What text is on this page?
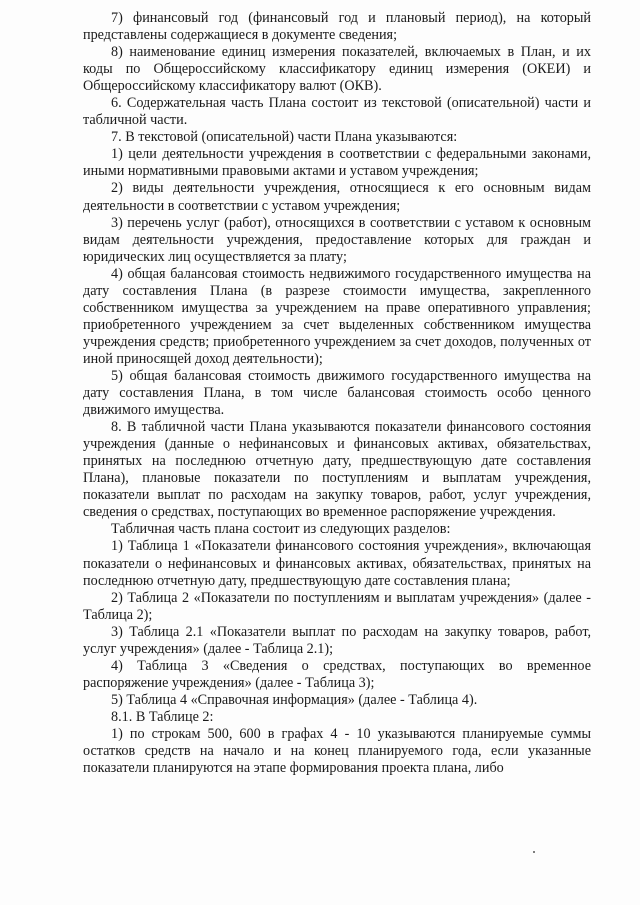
7) финансовый год (финансовый год и плановый период), на который представлены содержащиеся в документе сведения;

8) наименование единиц измерения показателей, включаемых в План, и их коды по Общероссийскому классификатору единиц измерения (ОКЕИ) и Общероссийскому классификатору валют (ОКВ).

6. Содержательная часть Плана состоит из текстовой (описательной) части и табличной части.

7. В текстовой (описательной) части Плана указываются:

1) цели деятельности учреждения в соответствии с федеральными законами, иными нормативными правовыми актами и уставом учреждения;

2) виды деятельности учреждения, относящиеся к его основным видам деятельности в соответствии с уставом учреждения;

3) перечень услуг (работ), относящихся в соответствии с уставом к основным видам деятельности учреждения, предоставление которых для граждан и юридических лиц осуществляется за плату;

4) общая балансовая стоимость недвижимого государственного имущества на дату составления Плана (в разрезе стоимости имущества, закрепленного собственником имущества за учреждением на праве оперативного управления; приобретенного учреждением за счет выделенных собственником имущества учреждения средств; приобретенного учреждением за счет доходов, полученных от иной приносящей доход деятельности);

5) общая балансовая стоимость движимого государственного имущества на дату составления Плана, в том числе балансовая стоимость особо ценного движимого имущества.

8. В табличной части Плана указываются показатели финансового состояния учреждения (данные о нефинансовых и финансовых активах, обязательствах, принятых на последнюю отчетную дату, предшествующую дате составления Плана), плановые показатели по поступлениям и выплатам учреждения, показатели выплат по расходам на закупку товаров, работ, услуг учреждения, сведения о средствах, поступающих во временное распоряжение учреждения.

Табличная часть плана состоит из следующих разделов:

1) Таблица 1 «Показатели финансового состояния учреждения», включающая показатели о нефинансовых и финансовых активах, обязательствах, принятых на последнюю отчетную дату, предшествующую дате составления плана;

2) Таблица 2 «Показатели по поступлениям и выплатам учреждения» (далее - Таблица 2);

3) Таблица 2.1 «Показатели выплат по расходам на закупку товаров, работ, услуг учреждения» (далее - Таблица 2.1);

4) Таблица 3 «Сведения о средствах, поступающих во временное распоряжение учреждения» (далее - Таблица 3);

5) Таблица 4 «Справочная информация» (далее - Таблица 4).

8.1. В Таблице 2:

1) по строкам 500, 600 в графах 4 - 10 указываются планируемые суммы остатков средств на начало и на конец планируемого года, если указанные показатели планируются на этапе формирования проекта плана, либо
